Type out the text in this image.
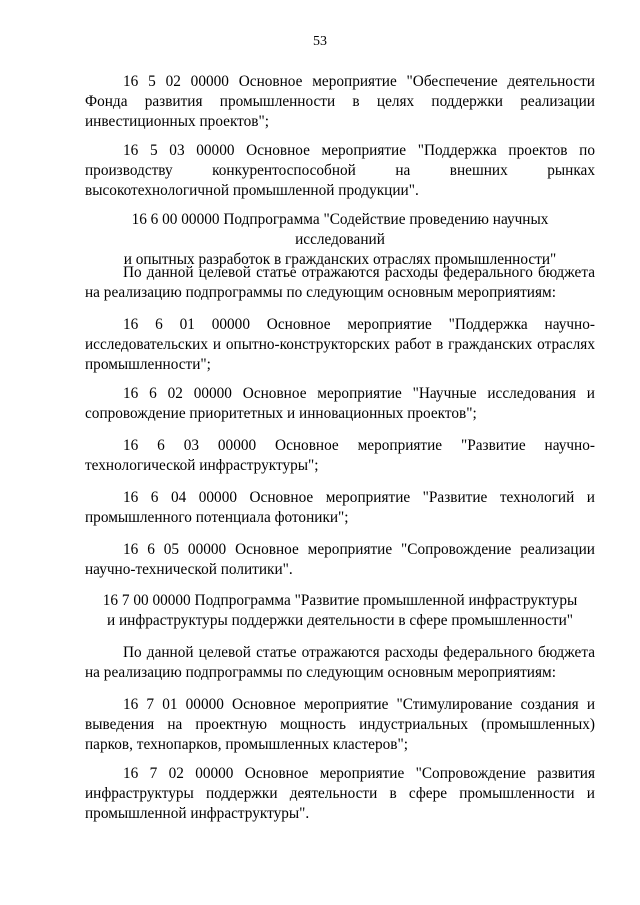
53

16 5 02 00000 Основное мероприятие "Обеспечение деятельности Фонда развития промышленности в целях поддержки реализации инвестиционных проектов";

16 5 03 00000 Основное мероприятие "Поддержка проектов по производству конкурентоспособной на внешних рынках высокотехнологичной промышленной продукции".

16 6 00 00000 Подпрограмма "Содействие проведению научных исследований
и опытных разработок в гражданских отраслях промышленности"

По данной целевой статье отражаются расходы федерального бюджета на реализацию подпрограммы по следующим основным мероприятиям:

16 6 01 00000 Основное мероприятие "Поддержка научно-исследовательских и опытно-конструкторских работ в гражданских отраслях промышленности";

16 6 02 00000 Основное мероприятие "Научные исследования и сопровождение приоритетных и инновационных проектов";

16 6 03 00000 Основное мероприятие "Развитие научно-технологической инфраструктуры";

16 6 04 00000 Основное мероприятие "Развитие технологий и промышленного потенциала фотоники";

16 6 05 00000 Основное мероприятие "Сопровождение реализации научно-технической политики".

16 7 00 00000 Подпрограмма "Развитие промышленной инфраструктуры
и инфраструктуры поддержки деятельности в сфере промышленности"

По данной целевой статье отражаются расходы федерального бюджета на реализацию подпрограммы по следующим основным мероприятиям:

16 7 01 00000 Основное мероприятие "Стимулирование создания и выведения на проектную мощность индустриальных (промышленных) парков, технопарков, промышленных кластеров";

16 7 02 00000 Основное мероприятие "Сопровождение развития инфраструктуры поддержки деятельности в сфере промышленности и промышленной инфраструктуры".
